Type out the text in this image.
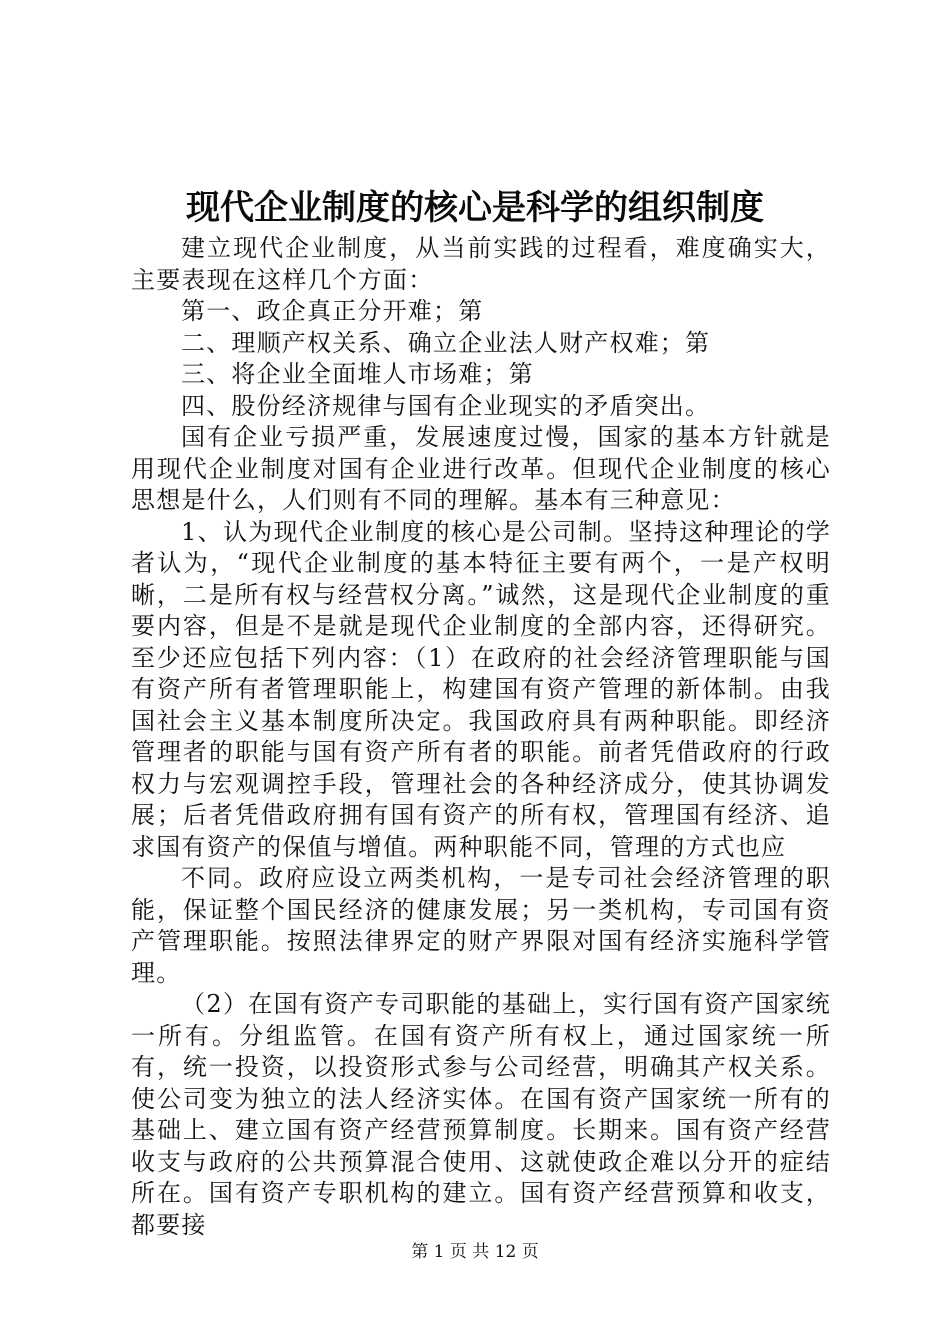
现代企业制度的核心是科学的组织制度

建立现代企业制度，从当前实践的过程看，难度确实大，主要表现在这样几个方面：

第一、政企真正分开难；第

二、理顺产权关系、确立企业法人财产权难；第

三、将企业全面堆人市场难；第

四、股份经济规律与国有企业现实的矛盾突出。

国有企业亏损严重，发展速度过慢，国家的基本方针就是用现代企业制度对国有企业进行改革。但现代企业制度的核心思想是什么，人们则有不同的理解。基本有三种意见：

1、认为现代企业制度的核心是公司制。坚持这种理论的学者认为，“现代企业制度的基本特征主要有两个，一是产权明晰，二是所有权与经营权分离。”诚然，这是现代企业制度的重要内容，但是不是就是现代企业制度的全部内容，还得研究。至少还应包括下列内容：（1）在政府的社会经济管理职能与国有资产所有者管理职能上，构建国有资产管理的新体制。由我国社会主义基本制度所决定。我国政府具有两种职能。即经济管理者的职能与国有资产所有者的职能。前者凭借政府的行政权力与宏观调控手段，管理社会的各种经济成分，使其协调发展；后者凭借政府拥有国有资产的所有权，管理国有经济、追求国有资产的保值与增值。两种职能不同，管理的方式也应

不同。政府应设立两类机构，一是专司社会经济管理的职能，保证整个国民经济的健康发展；另一类机构，专司国有资产管理职能。按照法律界定的财产界限对国有经济实施科学管理。

（2）在国有资产专司职能的基础上，实行国有资产国家统一所有。分组监管。在国有资产所有权上，通过国家统一所有，统一投资，以投资形式参与公司经营，明确其产权关系。使公司变为独立的法人经济实体。在国有资产国家统一所有的基础上、建立国有资产经营预算制度。长期来。国有资产经营收支与政府的公共预算混合使用、这就使政企难以分开的症结所在。国有资产专职机构的建立。国有资产经营预算和收支，都要接

第 1 页 共 12 页
